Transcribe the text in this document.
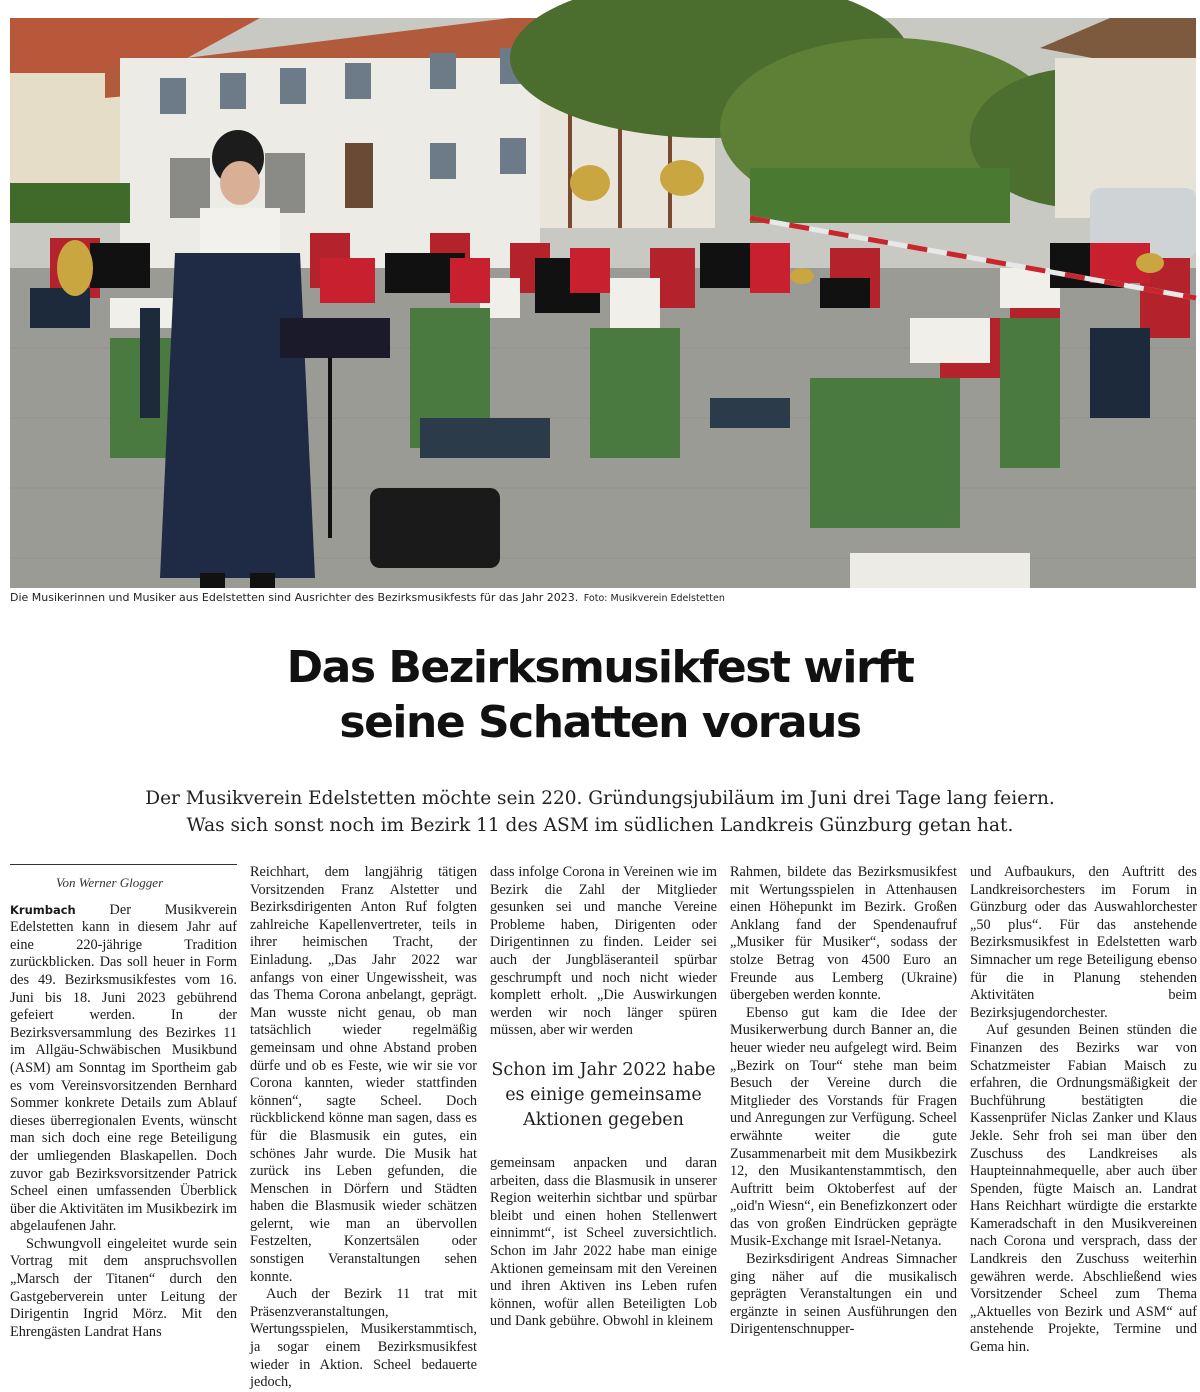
Die Musikerinnen und Musiker aus Edelstetten sind Ausrichter des Bezirksmusikfests für das Jahr 2023. Foto: Musikverein Edelstetten
Das Bezirksmusikfest wirft
seine Schatten voraus
Der Musikverein Edelstetten möchte sein 220. Gründungsjubiläum im Juni drei Tage lang feiern.
Was sich sonst noch im Bezirk 11 des ASM im südlichen Landkreis Günzburg getan hat.
Von Werner Glogger

Krumbach Der Musikverein Edelstetten kann in diesem Jahr auf eine 220-jährige Tradition zurückblicken. Das soll heuer in Form des 49. Bezirksmusikfestes vom 16. Juni bis 18. Juni 2023 gebührend gefeiert werden. In der Bezirksversammlung des Bezirkes 11 im Allgäu-Schwäbischen Musikbund (ASM) am Sonntag im Sportheim gab es vom Vereinsvorsitzenden Bernhard Sommer konkrete Details zum Ablauf dieses überregionalen Events, wünscht man sich doch eine rege Beteiligung der umliegenden Blaskapellen. Doch zuvor gab Bezirksvorsitzender Patrick Scheel einen umfassenden Überblick über die Aktivitäten im Musikbezirk im abgelaufenen Jahr.

Schwungvoll eingeleitet wurde sein Vortrag mit dem anspruchsvollen „Marsch der Titanen“ durch den Gastgeberverein unter Leitung der Dirigentin Ingrid Mörz. Mit den Ehrengästen Landrat Hans

Reichhart, dem langjährig tätigen Vorsitzenden Franz Alstetter und Bezirksdirigenten Anton Ruf folgten zahlreiche Kapellenvertreter, teils in ihrer heimischen Tracht, der Einladung. „Das Jahr 2022 war anfangs von einer Ungewissheit, was das Thema Corona anbelangt, geprägt. Man wusste nicht genau, ob man tatsächlich wieder regelmäßig gemeinsam und ohne Abstand proben dürfe und ob es Feste, wie wir sie vor Corona kannten, wieder stattfinden können“, sagte Scheel. Doch rückblickend könne man sagen, dass es für die Blasmusik ein gutes, ein schönes Jahr wurde. Die Musik hat zurück ins Leben gefunden, die Menschen in Dörfern und Städten haben die Blasmusik wieder schätzen gelernt, wie man an übervollen Festzelten, Konzertsälen oder sonstigen Veranstaltungen sehen konnte.

Auch der Bezirk 11 trat mit Präsenzveranstaltungen, Wertungsspielen, Musikerstammtisch, ja sogar einem Bezirksmusikfest wieder in Aktion. Scheel bedauerte jedoch,

dass infolge Corona in Vereinen wie im Bezirk die Zahl der Mitglieder gesunken sei und manche Vereine Probleme haben, Dirigenten oder Dirigentinnen zu finden. Leider sei auch der Jungbläseranteil spürbar geschrumpft und noch nicht wieder komplett erholt. „Die Auswirkungen werden wir noch länger spüren müssen, aber wir werden

Schon im Jahr 2022 habe es einige gemeinsame Aktionen gegeben

gemeinsam anpacken und daran arbeiten, dass die Blasmusik in unserer Region weiterhin sichtbar und spürbar bleibt und einen hohen Stellenwert einnimmt“, ist Scheel zuversichtlich. Schon im Jahr 2022 habe man einige Aktionen gemeinsam mit den Vereinen und ihren Aktiven ins Leben rufen können, wofür allen Beteiligten Lob und Dank gebühre. Obwohl in kleinem

Rahmen, bildete das Bezirksmusikfest mit Wertungsspielen in Attenhausen einen Höhepunkt im Bezirk. Großen Anklang fand der Spendenaufruf „Musiker für Musiker“, sodass der stolze Betrag von 4500 Euro an Freunde aus Lemberg (Ukraine) übergeben werden konnte.

Ebenso gut kam die Idee der Musikerwerbung durch Banner an, die heuer wieder neu aufgelegt wird. Beim „Bezirk on Tour“ stehe man beim Besuch der Vereine durch die Mitglieder des Vorstands für Fragen und Anregungen zur Verfügung. Scheel erwähnte weiter die gute Zusammenarbeit mit dem Musikbezirk 12, den Musikantenstammtisch, den Auftritt beim Oktoberfest auf der „oid'n Wiesn“, ein Benefizkonzert oder das von großen Eindrücken geprägte Musik-Exchange mit Israel-Netanya.

Bezirksdirigent Andreas Simnacher ging näher auf die musikalisch geprägten Veranstaltungen ein und ergänzte in seinen Ausführungen den Dirigentenschnupper-

und Aufbaukurs, den Auftritt des Landkreisorchesters im Forum in Günzburg oder das Auswahlorchester „50 plus“. Für das anstehende Bezirksmusikfest in Edelstetten warb Simnacher um rege Beteiligung ebenso für die in Planung stehenden Aktivitäten beim Bezirksjugendorchester.

Auf gesunden Beinen stünden die Finanzen des Bezirks war von Schatzmeister Fabian Maisch zu erfahren, die Ordnungsmäßigkeit der Buchführung bestätigten die Kassenprüfer Niclas Zanker und Klaus Jekle. Sehr froh sei man über den Zuschuss des Landkreises als Haupteinnahmequelle, aber auch über Spenden, fügte Maisch an. Landrat Hans Reichhart würdigte die erstarkte Kameradschaft in den Musikvereinen nach Corona und versprach, dass der Landkreis den Zuschuss weiterhin gewähren werde. Abschließend wies Vorsitzender Scheel zum Thema „Aktuelles von Bezirk und ASM“ auf anstehende Projekte, Termine und Gema hin.
